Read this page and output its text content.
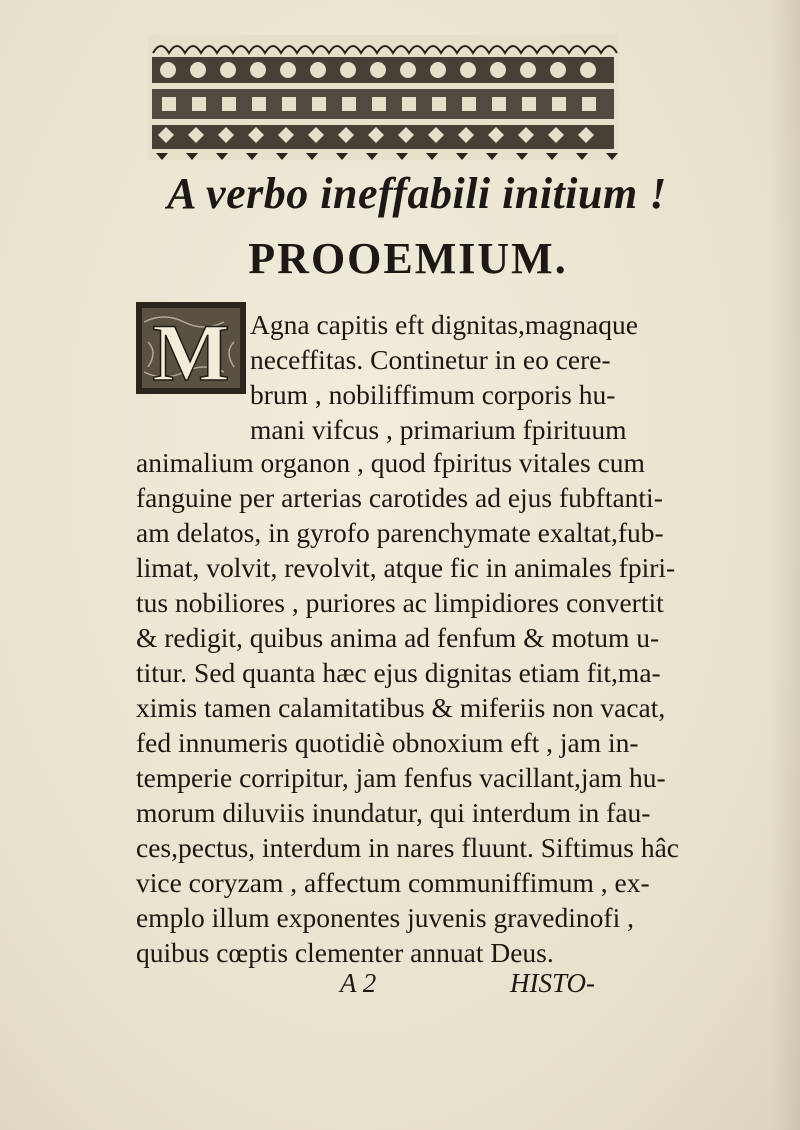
A verbo ineffabili initium !

PROOEMIUM.

M Agna capitis eft dignitas,magnaque

neceffitas. Continetur in eo cere-

brum , nobiliffimum corporis hu-

mani vifcus , primarium fpirituum

animalium organon , quod fpiritus vitales cum

fanguine per arterias carotides ad ejus fubftanti-

am delatos, in gyrofo parenchymate exaltat,fub-

limat, volvit, revolvit, atque fic in animales fpiri-

tus nobiliores , puriores ac limpidiores convertit

& redigit, quibus anima ad fenfum & motum u-

titur. Sed quanta hæc ejus dignitas etiam fit,ma-

ximis tamen calamitatibus & miferiis non vacat,

fed innumeris quotidiè obnoxium eft , jam in-

temperie corripitur, jam fenfus vacillant,jam hu-

morum diluviis inundatur, qui interdum in fau-

ces,pectus, interdum in nares fluunt. Siftimus hâc

vice coryzam , affectum communiffimum , ex-

emplo illum exponentes juvenis gravedinofi ,

quibus cœptis clementer annuat Deus.

A 2	HISTO-
